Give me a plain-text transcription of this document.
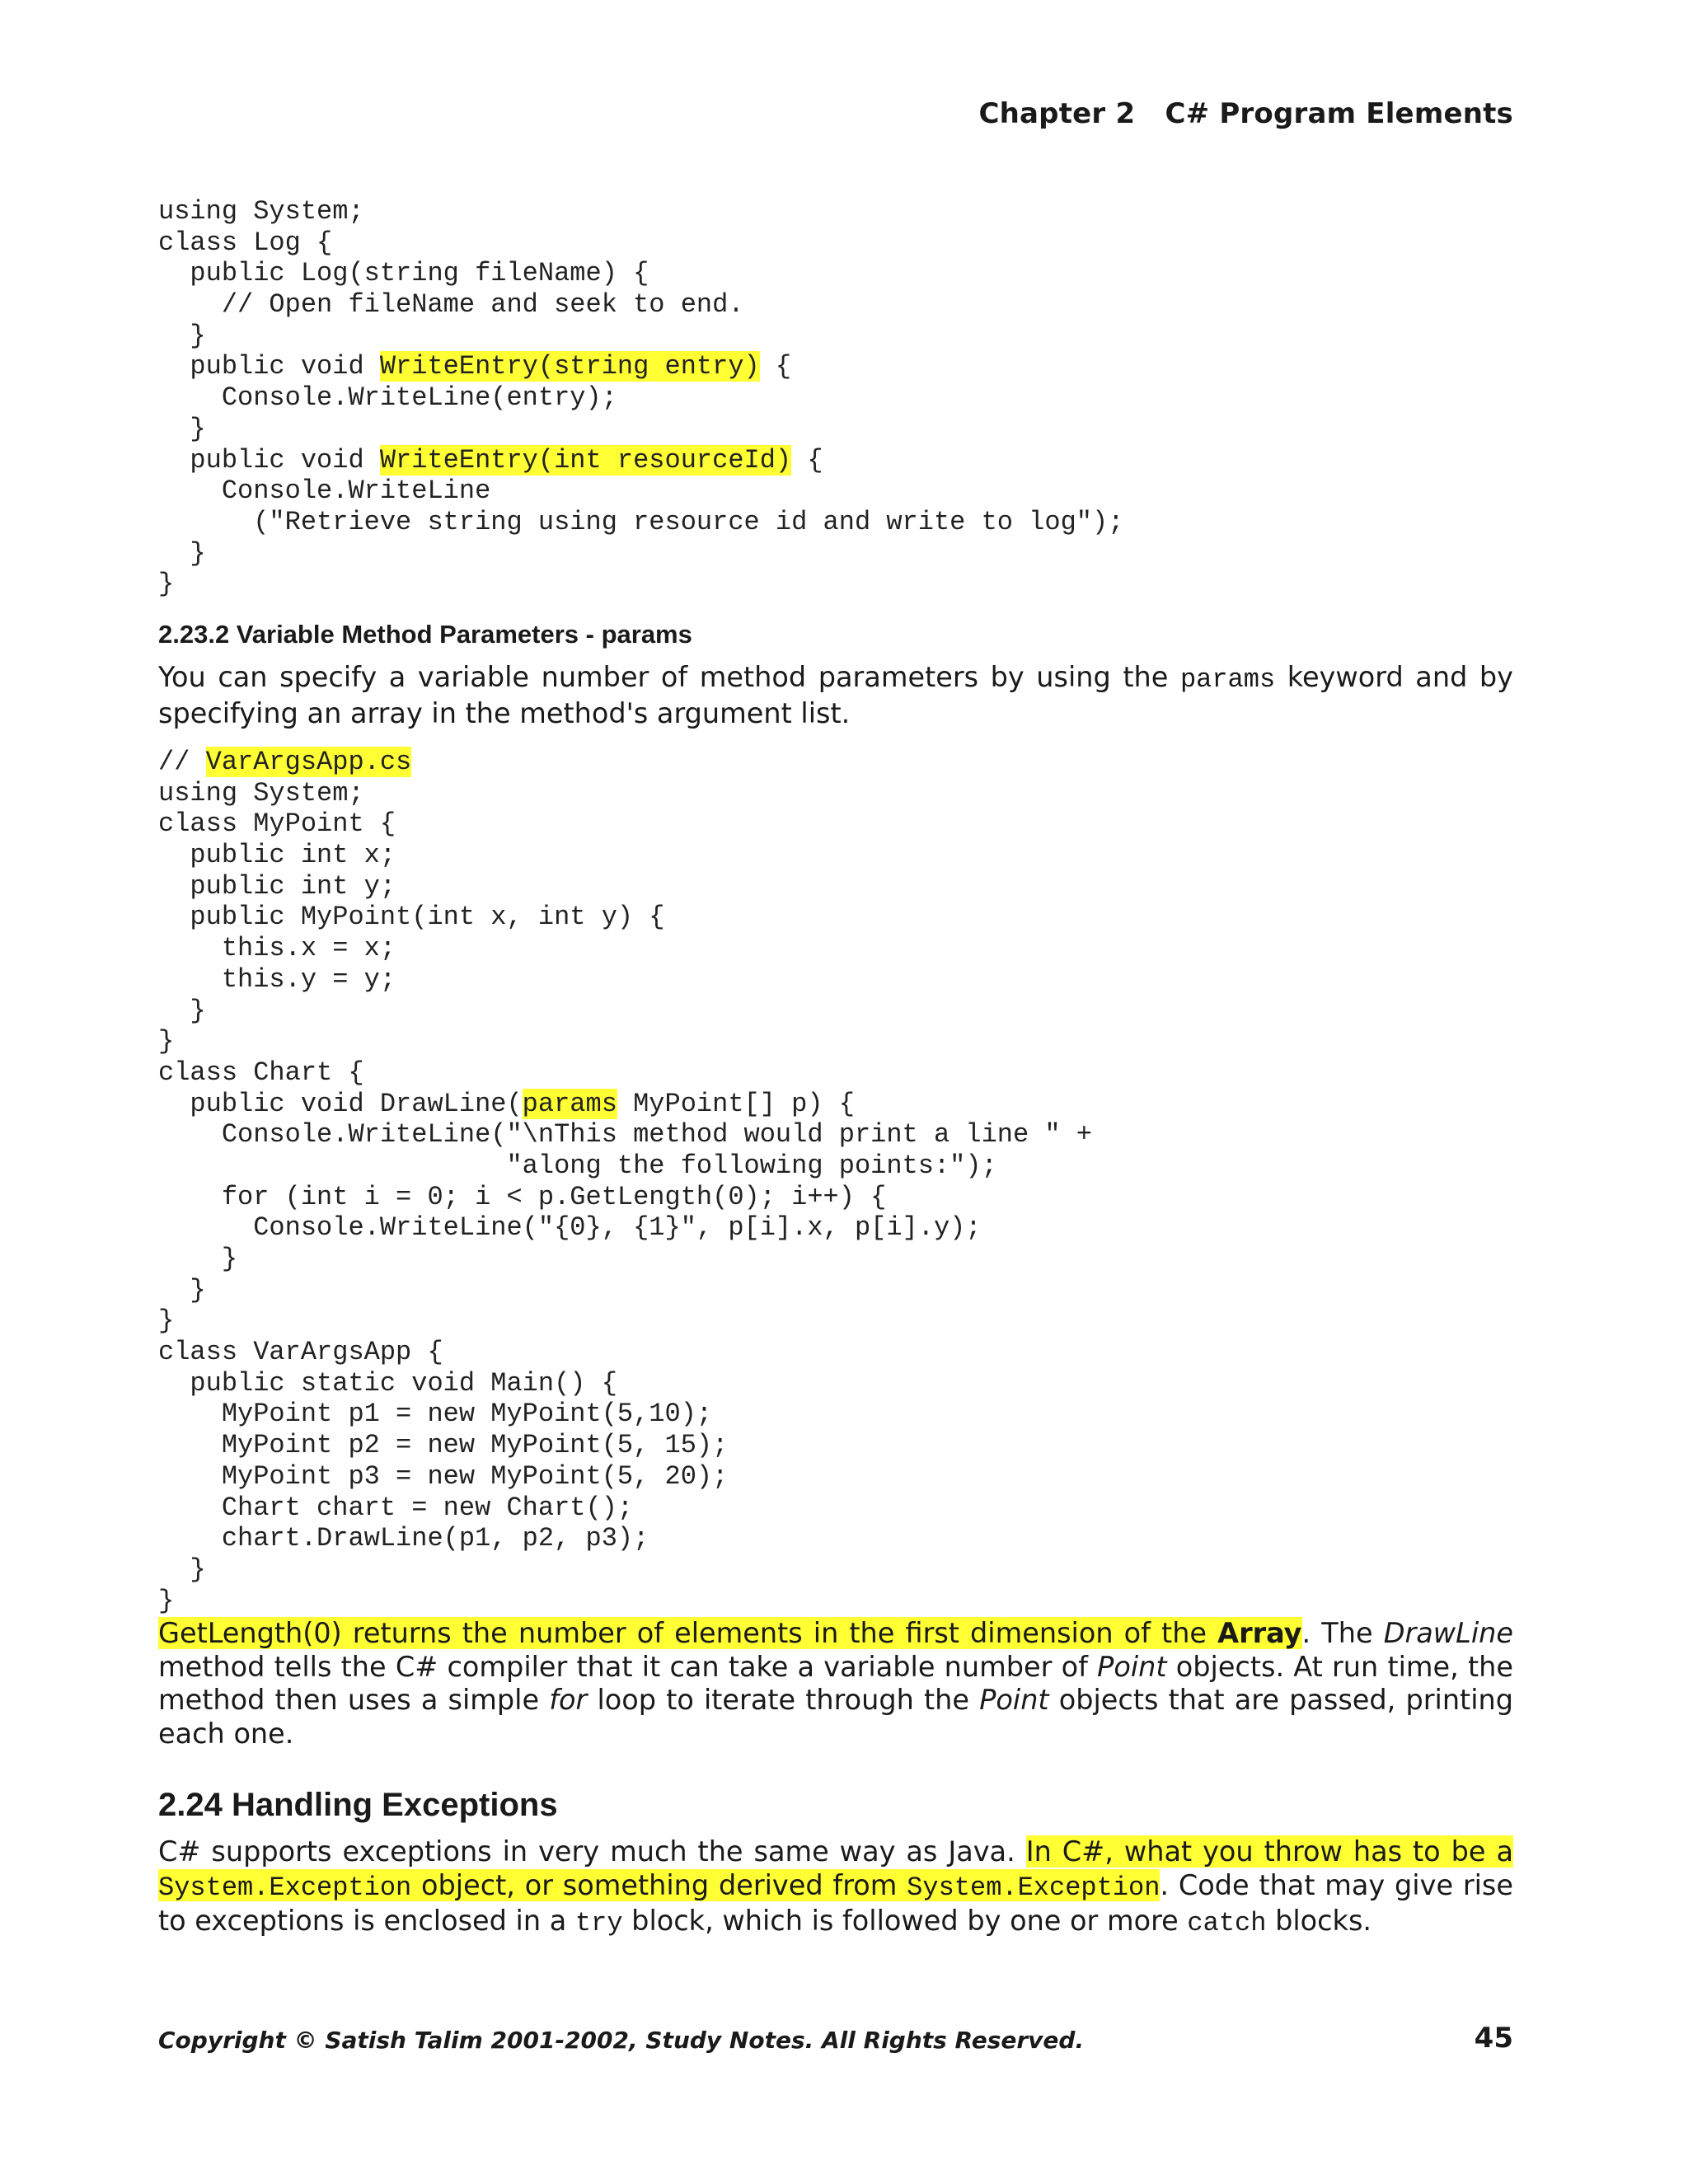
Chapter 2 C# Program Elements
using System;
class Log {
public Log(string fileName) {
// Open fileName and seek to end.
}
public void WriteEntry(string entry) {
Console.WriteLine(entry);
}
public void WriteEntry(int resourceId) {
Console.WriteLine
("Retrieve string using resource id and write to log");
}
}
2.23.2 Variable Method Parameters - params

You can specify a variable number of method parameters by using the params keyword and by specifying an array in the method's argument list.

// VarArgsApp.cs
using System;
class MyPoint {
public int x;
public int y;
public MyPoint(int x, int y) {
this.x = x;
this.y = y;
}
}
class Chart {
public void DrawLine(params MyPoint[] p) {
Console.WriteLine("\nThis method would print a line " +
"along the following points:");
for (int i = 0; i < p.GetLength(0); i++) {
Console.WriteLine("{0}, {1}", p[i].x, p[i].y);
}
}
}
class VarArgsApp {
public static void Main() {
MyPoint p1 = new MyPoint(5,10);
MyPoint p2 = new MyPoint(5, 15);
MyPoint p3 = new MyPoint(5, 20);
Chart chart = new Chart();
chart.DrawLine(p1, p2, p3);
}
}

GetLength(0) returns the number of elements in the first dimension of the Array. The DrawLine method tells the C# compiler that it can take a variable number of Point objects. At run time, the method then uses a simple for loop to iterate through the Point objects that are passed, printing each one.

2.24 Handling Exceptions

C# supports exceptions in very much the same way as Java. In C#, what you throw has to be a System.Exception object, or something derived from System.Exception. Code that may give rise to exceptions is enclosed in a try block, which is followed by one or more catch blocks.

Copyright © Satish Talim 2001-2002, Study Notes. All Rights Reserved.	45
